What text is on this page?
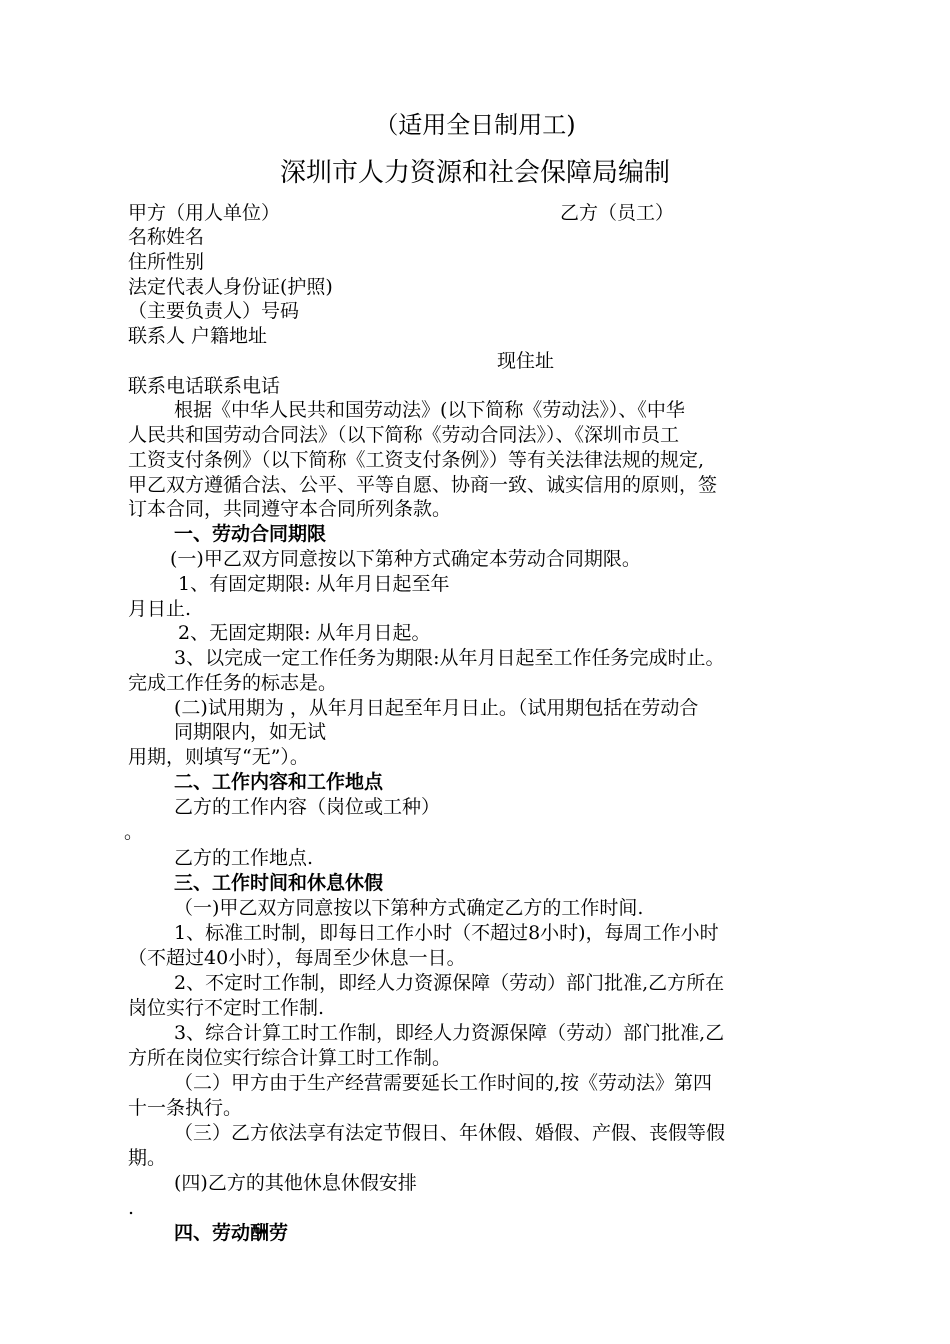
（适用全日制用工)
深圳市人力资源和社会保障局编制
甲方（用人单位）	乙方（员工）
名称姓名
住所性别
法定代表人身份证(护照)
（主要负责人）号码
联系人 户籍地址
现住址
联系电话联系电话
根据《中华人民共和国劳动法》(以下简称《劳动法》）、《中华
人民共和国劳动合同法》（以下简称《劳动合同法》）、《深圳市员工
工资支付条例》（以下简称《工资支付条例》）等有关法律法规的规定,
甲乙双方遵循合法、公平、平等自愿、协商一致、诚实信用的原则，签
订本合同，共同遵守本合同所列条款。
一、劳动合同期限
(一)甲乙双方同意按以下第种方式确定本劳动合同期限。
1、有固定期限: 从年月日起至年
月日止.
2、无固定期限: 从年月日起。
3、以完成一定工作任务为期限:从年月日起至工作任务完成时止。
完成工作任务的标志是。
(二)试用期为 ，从年月日起至年月日止。（试用期包括在劳动合
同期限内，如无试
用期，则填写“无”）。
二、工作内容和工作地点
乙方的工作内容（岗位或工种）
。
乙方的工作地点.
三、工作时间和休息休假
（一)甲乙双方同意按以下第种方式确定乙方的工作时间.
1、标准工时制，即每日工作小时（不超过8小时)，每周工作小时
（不超过40小时），每周至少休息一日。
2、不定时工作制，即经人力资源保障（劳动）部门批准,乙方所在
岗位实行不定时工作制.
3、综合计算工时工作制，即经人力资源保障（劳动）部门批准,乙
方所在岗位实行综合计算工时工作制。
（二）甲方由于生产经营需要延长工作时间的,按《劳动法》第四
十一条执行。
（三）乙方依法享有法定节假日、年休假、婚假、产假、丧假等假
期。
(四)乙方的其他休息休假安排
.
四、劳动酬劳
